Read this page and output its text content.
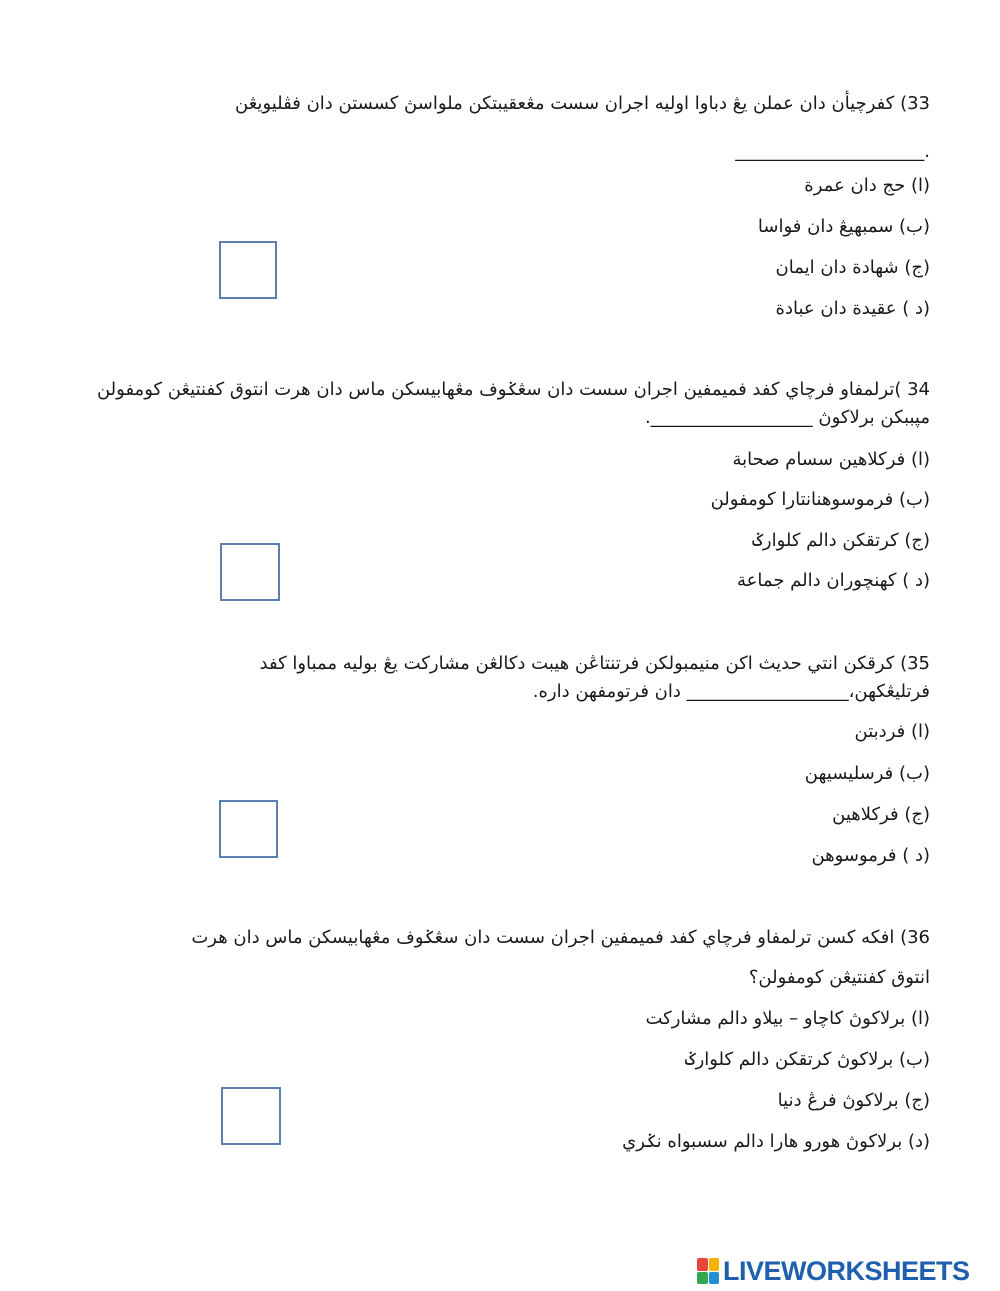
33) كفرچيأن دان عملن يڠ دباوا اوليه اجران سست مڠعقيبتكن ملواسڽ كسستن دان فڤليويڠن
._____________________
(ا) حج دان عمرة
(ب) سمبهيڠ دان فواسا
(ج) شهادة دان ايمان
(د ) عقيدة دان عبادة
34 )ترلمفاو فرچاي كفد فميمفين اجران سست دان سڠݢوف مڠهابيسكن ماس دان هرت انتوق كفنتيڠن كومفولن
مڽببكن برلاكوڽ __________________.
(ا) فركلاهين سسام صحابة
(ب) فرموسوهنانتارا كومفولن
(ج) كرتقكن دالم كلوارݢ
(د ) كهنچوران دالم جماعة
35) كرقكن انتي حديث اكن منيمبولكن فرتنتاڠن هيبت دكالڠن مشاركت يڠ بوليه ممباوا كفد
فرتليڠكهن،__________________ دان فرتومفهن داره.
(ا) فردبتن
(ب) فرسليسيهن
(ج) فركلاهين
(د ) فرموسوهن
36) افكه كسن ترلمفاو فرچاي كفد فميمفين اجران سست دان سڠݢوف مڠهابيسكن ماس دان هرت
انتوق كفنتيڠن كومفولن؟
(ا) برلاكوڽ كاچاو – بيلاو دالم مشاركت
(ب) برلاكوڽ كرتقكن دالم كلوارݢ
(ج) برلاكوڽ فرڠ دنيا
(د) برلاكوڽ هورو هارا دالم سسبواه نݢري
LIVEWORKSHEETS
